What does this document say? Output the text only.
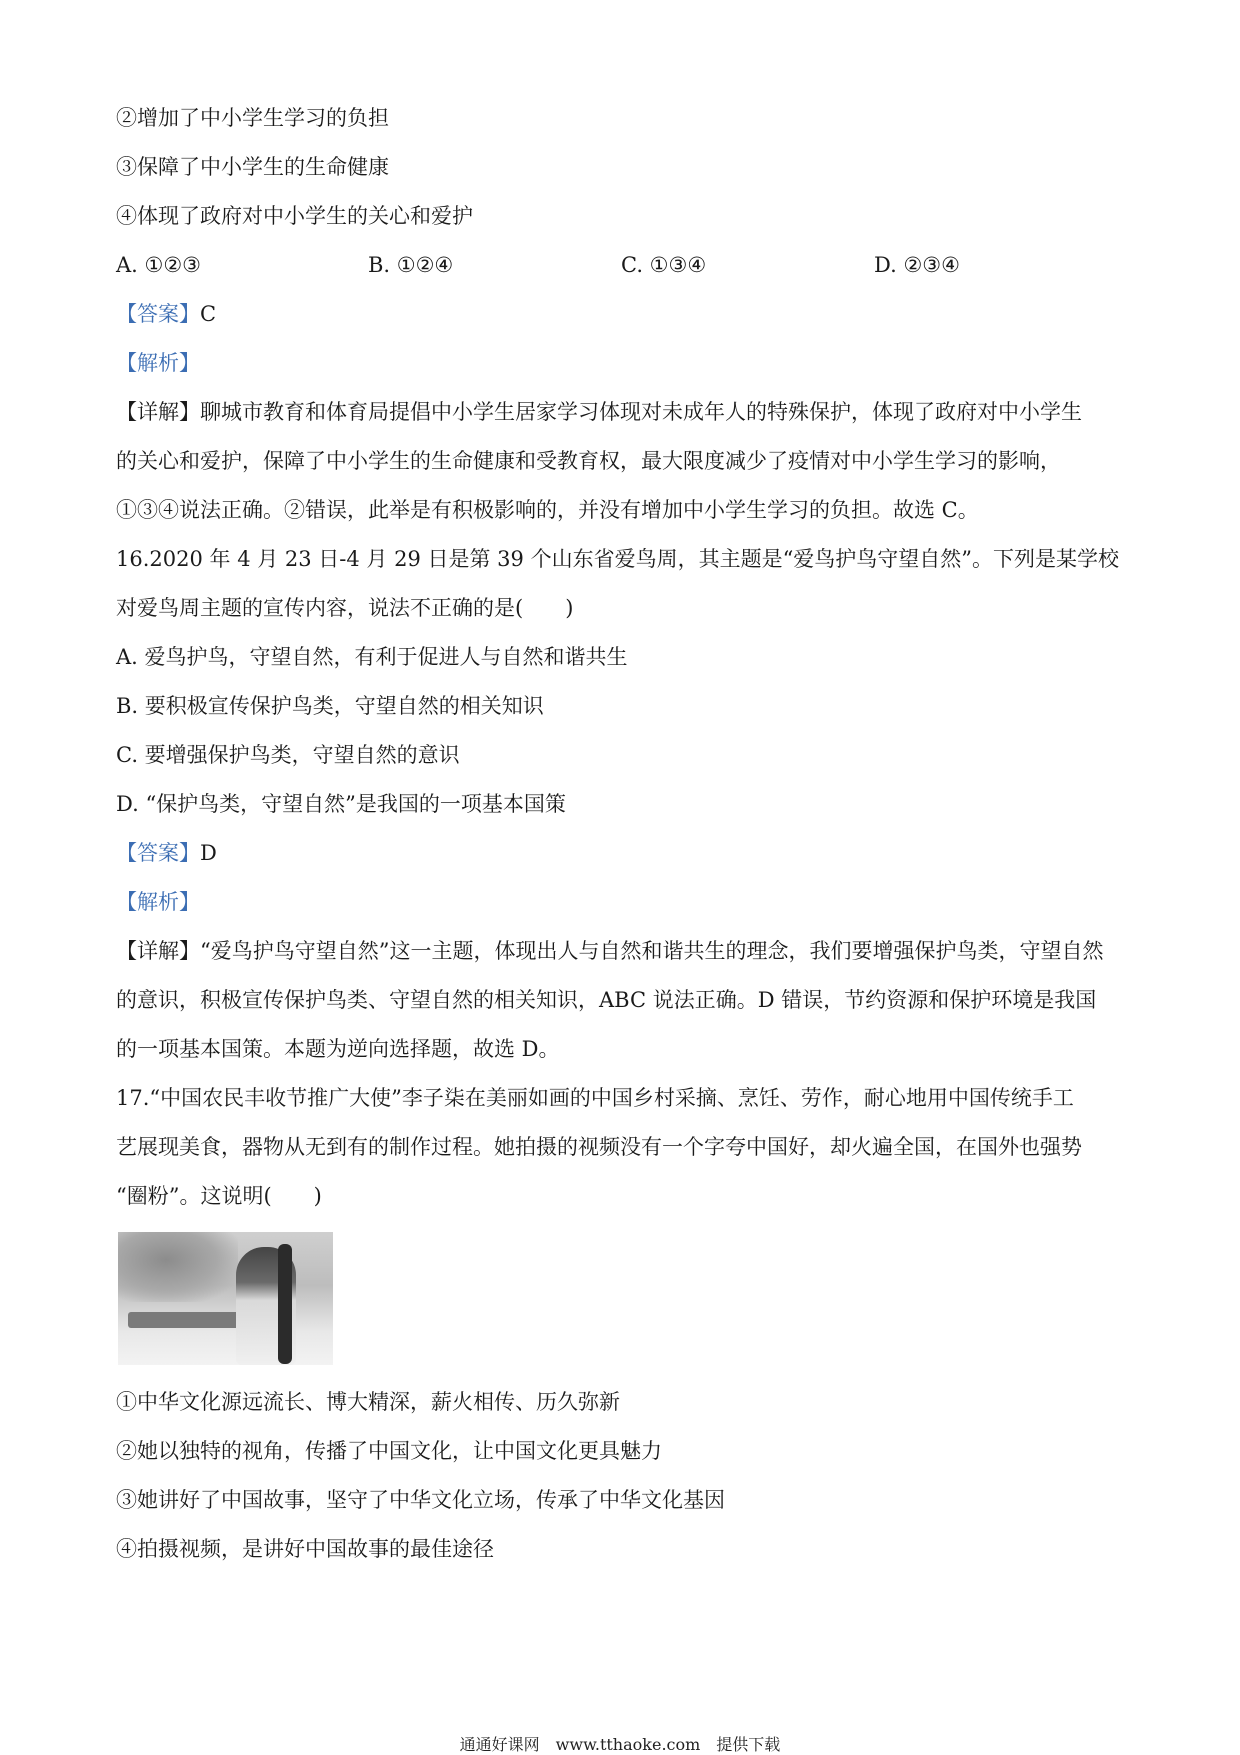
②增加了中小学生学习的负担
③保障了中小学生的生命健康
④体现了政府对中小学生的关心和爱护
A. ①②③	B. ①②④	C. ①③④	D. ②③④
【答案】C
【解析】
【详解】聊城市教育和体育局提倡中小学生居家学习体现对未成年人的特殊保护，体现了政府对中小学生
的关心和爱护，保障了中小学生的生命健康和受教育权，最大限度减少了疫情对中小学生学习的影响，
①③④说法正确。②错误，此举是有积极影响的，并没有增加中小学生学习的负担。故选 C。
16.2020 年 4 月 23 日-4 月 29 日是第 39 个山东省爱鸟周，其主题是“爱鸟护鸟守望自然”。下列是某学校
对爱鸟周主题的宣传内容，说法不正确的是(　　)
A. 爱鸟护鸟，守望自然，有利于促进人与自然和谐共生
B. 要积极宣传保护鸟类，守望自然的相关知识
C. 要增强保护鸟类，守望自然的意识
D. “保护鸟类，守望自然”是我国的一项基本国策
【答案】D
【解析】
【详解】“爱鸟护鸟守望自然”这一主题，体现出人与自然和谐共生的理念，我们要增强保护鸟类，守望自然
的意识，积极宣传保护鸟类、守望自然的相关知识，ABC 说法正确。D 错误，节约资源和保护环境是我国
的一项基本国策。本题为逆向选择题，故选 D。
17.“中国农民丰收节推广大使”李子柒在美丽如画的中国乡村采摘、烹饪、劳作，耐心地用中国传统手工
艺展现美食，器物从无到有的制作过程。她拍摄的视频没有一个字夸中国好，却火遍全国，在国外也强势
“圈粉”。这说明(　　)
①中华文化源远流长、博大精深，薪火相传、历久弥新
②她以独特的视角，传播了中国文化，让中国文化更具魅力
③她讲好了中国故事，坚守了中华文化立场，传承了中华文化基因
④拍摄视频，是讲好中国故事的最佳途径
通通好课网　www.tthaoke.com　提供下载
